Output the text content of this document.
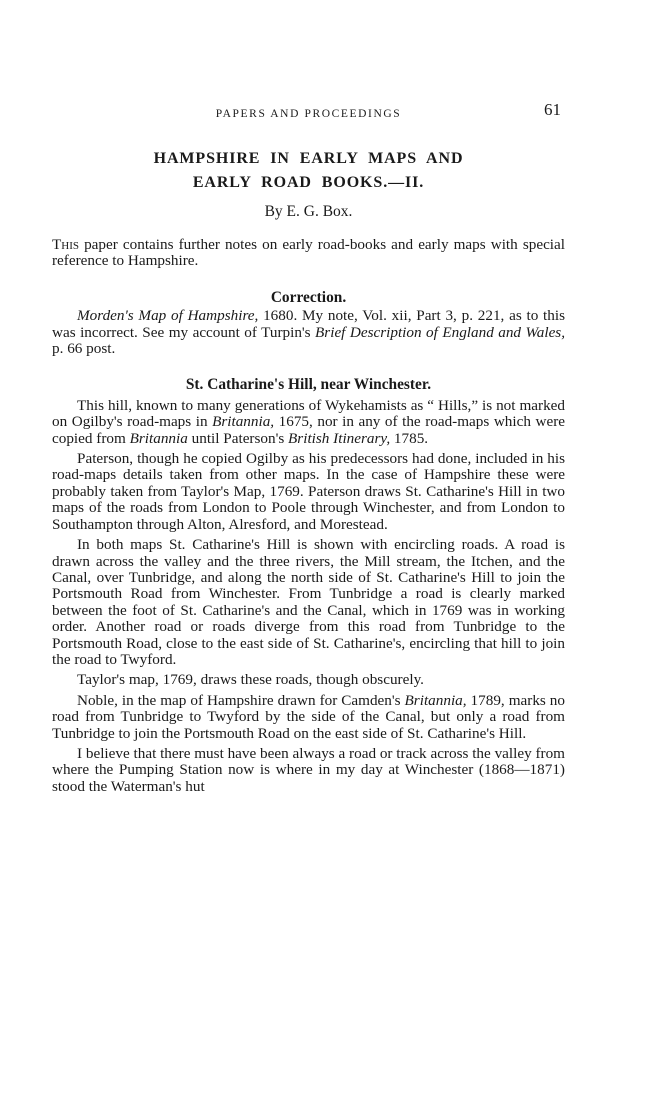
PAPERS AND PROCEEDINGS	61
HAMPSHIRE IN EARLY MAPS AND
EARLY ROAD BOOKS.—II.
By E. G. Box.

This paper contains further notes on early road-books and early maps with special reference to Hampshire.

Correction.

Morden's Map of Hampshire, 1680. My note, Vol. xii, Part 3, p. 221, as to this was incorrect. See my account of Turpin's Brief Description of England and Wales, p. 66 post.

St. Catharine's Hill, near Winchester.

This hill, known to many generations of Wykehamists as “ Hills,” is not marked on Ogilby's road-maps in Britannia, 1675, nor in any of the road-maps which were copied from Britannia until Paterson's British Itinerary, 1785.

Paterson, though he copied Ogilby as his predecessors had done, included in his road-maps details taken from other maps. In the case of Hampshire these were probably taken from Taylor's Map, 1769. Paterson draws St. Catharine's Hill in two maps of the roads from London to Poole through Winchester, and from London to Southampton through Alton, Alresford, and Morestead.

In both maps St. Catharine's Hill is shown with encircling roads. A road is drawn across the valley and the three rivers, the Mill stream, the Itchen, and the Canal, over Tunbridge, and along the north side of St. Catharine's Hill to join the Portsmouth Road from Winchester. From Tunbridge a road is clearly marked between the foot of St. Catharine's and the Canal, which in 1769 was in working order. Another road or roads diverge from this road from Tunbridge to the Portsmouth Road, close to the east side of St. Catharine's, encircling that hill to join the road to Twyford.

Taylor's map, 1769, draws these roads, though obscurely.

Noble, in the map of Hampshire drawn for Camden's Britannia, 1789, marks no road from Tunbridge to Twyford by the side of the Canal, but only a road from Tunbridge to join the Portsmouth Road on the east side of St. Catharine's Hill.

I believe that there must have been always a road or track across the valley from where the Pumping Station now is where in my day at Winchester (1868—1871) stood the Waterman's hut
